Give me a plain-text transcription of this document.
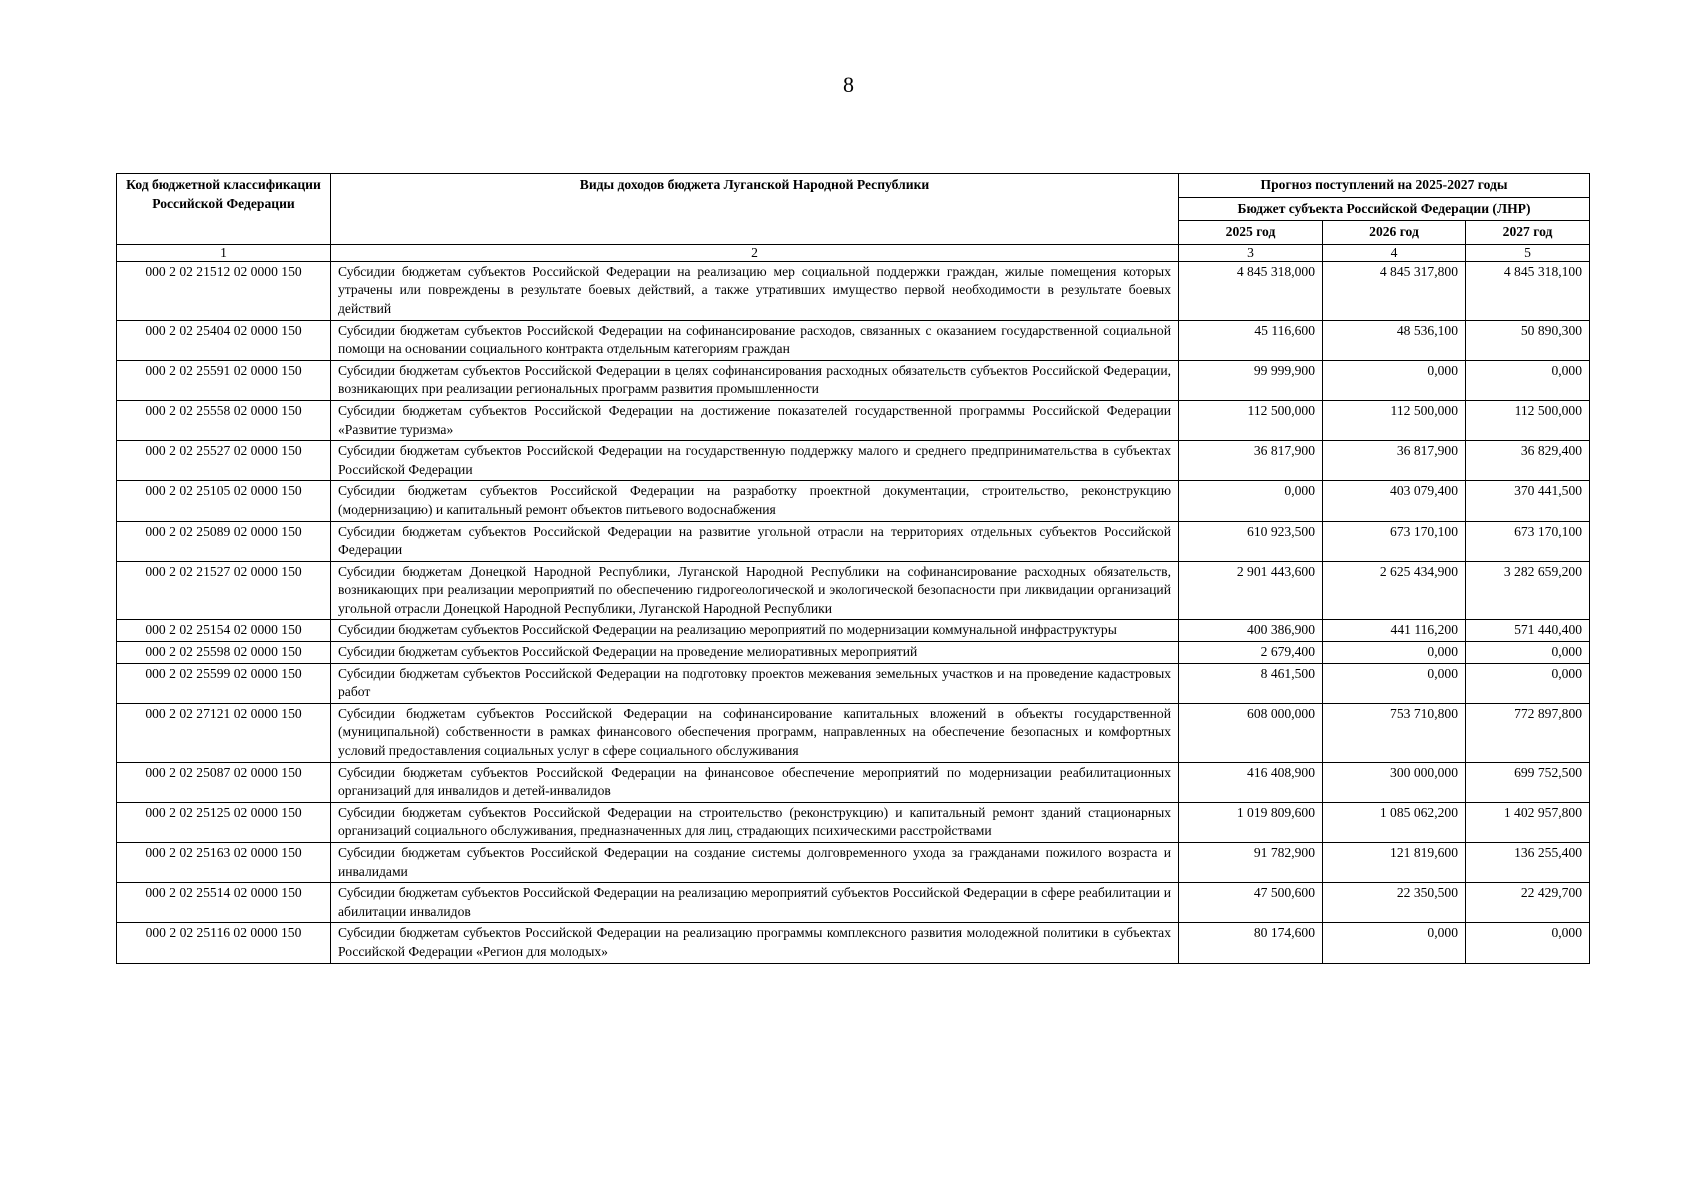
8
Код бюджетной классификации Российской Федерации	Виды доходов бюджета Луганской Народной Республики	Прогноз поступлений на 2025-2027 годы		
		Бюджет субъекта Российской Федерации (ЛНР)		
		2025 год	2026 год	2027 год
1	2	3	4	5
000 2 02 21512 02 0000 150	Субсидии бюджетам субъектов Российской Федерации на реализацию мер социальной поддержки граждан, жилые помещения которых утрачены или повреждены в результате боевых действий, а также утративших имущество первой необходимости в результате боевых действий	4 845 318,000	4 845 317,800	4 845 318,100
000 2 02 25404 02 0000 150	Субсидии бюджетам субъектов Российской Федерации на софинансирование расходов, связанных с оказанием государственной социальной помощи на основании социального контракта отдельным категориям граждан	45 116,600	48 536,100	50 890,300
000 2 02 25591 02 0000 150	Субсидии бюджетам субъектов Российской Федерации в целях софинансирования расходных обязательств субъектов Российской Федерации, возникающих при реализации региональных программ развития промышленности	99 999,900	0,000	0,000
000 2 02 25558 02 0000 150	Субсидии бюджетам субъектов Российской Федерации на достижение показателей государственной программы Российской Федерации «Развитие туризма»	112 500,000	112 500,000	112 500,000
000 2 02 25527 02 0000 150	Субсидии бюджетам субъектов Российской Федерации на государственную поддержку малого и среднего предпринимательства в субъектах Российской Федерации	36 817,900	36 817,900	36 829,400
000 2 02 25105 02 0000 150	Субсидии бюджетам субъектов Российской Федерации на разработку проектной документации, строительство, реконструкцию (модернизацию) и капитальный ремонт объектов питьевого водоснабжения	0,000	403 079,400	370 441,500
000 2 02 25089 02 0000 150	Субсидии бюджетам субъектов Российской Федерации на развитие угольной отрасли на территориях отдельных субъектов Российской Федерации	610 923,500	673 170,100	673 170,100
000 2 02 21527 02 0000 150	Субсидии бюджетам Донецкой Народной Республики, Луганской Народной Республики на софинансирование расходных обязательств, возникающих при реализации мероприятий по обеспечению гидрогеологической и экологической безопасности при ликвидации организаций угольной отрасли Донецкой Народной Республики, Луганской Народной Республики	2 901 443,600	2 625 434,900	3 282 659,200
000 2 02 25154 02 0000 150	Субсидии бюджетам субъектов Российской Федерации на реализацию мероприятий по модернизации коммунальной инфраструктуры	400 386,900	441 116,200	571 440,400
000 2 02 25598 02 0000 150	Субсидии бюджетам субъектов Российской Федерации на проведение мелиоративных мероприятий	2 679,400	0,000	0,000
000 2 02 25599 02 0000 150	Субсидии бюджетам субъектов Российской Федерации на подготовку проектов межевания земельных участков и на проведение кадастровых работ	8 461,500	0,000	0,000
000 2 02 27121 02 0000 150	Субсидии бюджетам субъектов Российской Федерации на софинансирование капитальных вложений в объекты государственной (муниципальной) собственности в рамках финансового обеспечения программ, направленных на обеспечение безопасных и комфортных условий предоставления социальных услуг в сфере социального обслуживания	608 000,000	753 710,800	772 897,800
000 2 02 25087 02 0000 150	Субсидии бюджетам субъектов Российской Федерации на финансовое обеспечение мероприятий по модернизации реабилитационных организаций для инвалидов и детей-инвалидов	416 408,900	300 000,000	699 752,500
000 2 02 25125 02 0000 150	Субсидии бюджетам субъектов Российской Федерации на строительство (реконструкцию) и капитальный ремонт зданий стационарных организаций социального обслуживания, предназначенных для лиц, страдающих психическими расстройствами	1 019 809,600	1 085 062,200	1 402 957,800
000 2 02 25163 02 0000 150	Субсидии бюджетам субъектов Российской Федерации на создание системы долговременного ухода за гражданами пожилого возраста и инвалидами	91 782,900	121 819,600	136 255,400
000 2 02 25514 02 0000 150	Субсидии бюджетам субъектов Российской Федерации на реализацию мероприятий субъектов Российской Федерации в сфере реабилитации и абилитации инвалидов	47 500,600	22 350,500	22 429,700
000 2 02 25116 02 0000 150	Субсидии бюджетам субъектов Российской Федерации на реализацию программы комплексного развития молодежной политики в субъектах Российской Федерации «Регион для молодых»	80 174,600	0,000	0,000
